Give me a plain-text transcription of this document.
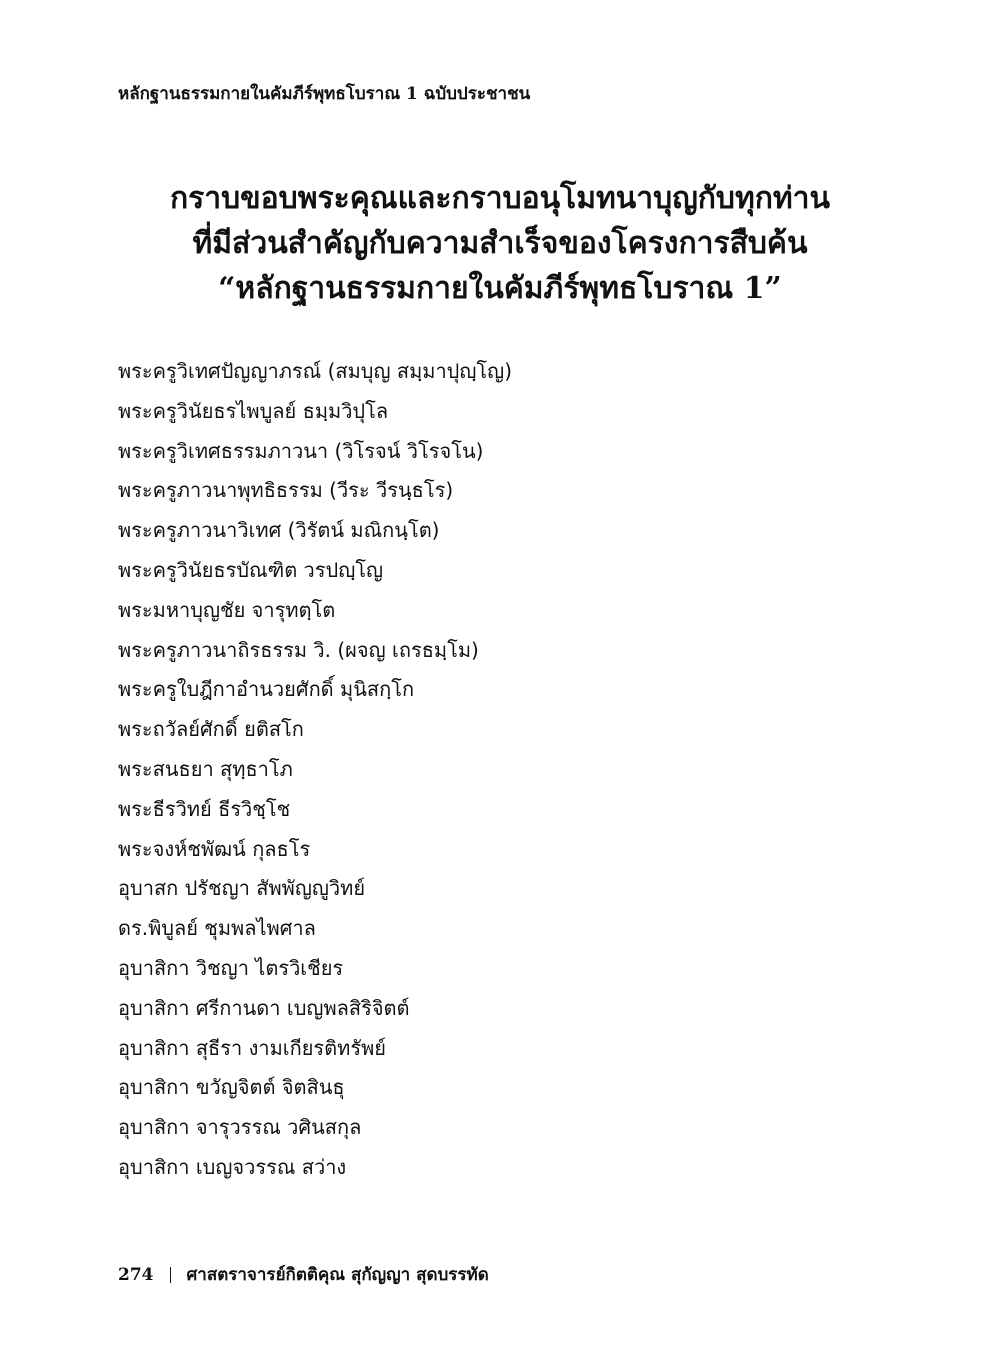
หลักฐานธรรมกายในคัมภีร์พุทธโบราณ 1 ฉบับประชาชน
กราบขอบพระคุณและกราบอนุโมทนาบุญกับทุกท่าน
ที่มีส่วนสำคัญกับความสำเร็จของโครงการสืบค้น
“หลักฐานธรรมกายในคัมภีร์พุทธโบราณ 1”
พระครูวิเทศปัญญาภรณ์ (สมบุญ สมฺมาปุญฺโญ)
พระครูวินัยธรไพบูลย์ ธมฺมวิปุโล
พระครูวิเทศธรรมภาวนา (วิโรจน์ วิโรจโน)
พระครูภาวนาพุทธิธรรม (วีระ วีรนฺธโร)
พระครูภาวนาวิเทศ (วิรัตน์ มณิกนฺโต)
พระครูวินัยธรบัณฑิต วรปญฺโญ
พระมหาบุญชัย จารุทตฺโต
พระครูภาวนาถิรธรรม วิ. (ผจญ เถรธมฺโม)
พระครูใบฎีกาอำนวยศักดิ์ มุนิสกฺโก
พระถวัลย์ศักดิ์ ยติสโก
พระสนธยา สุทฺธาโภ
พระธีรวิทย์ ธีรวิชฺโช
พระจงห์ชพัฒน์ กุลธโร
อุบาสก ปรัชญา สัพพัญญูวิทย์
ดร.พิบูลย์ ชุมพลไพศาล
อุบาสิกา วิชญา ไตรวิเชียร
อุบาสิกา ศรีกานดา เบญพลสิริจิตต์
อุบาสิกา สุธีรา งามเกียรติทรัพย์
อุบาสิกา ขวัญจิตต์ จิตสินธุ
อุบาสิกา จารุวรรณ วศินสกุล
อุบาสิกา เบญจวรรณ สว่าง
274 ศาสตราจารย์กิตติคุณ สุกัญญา สุดบรรทัด
